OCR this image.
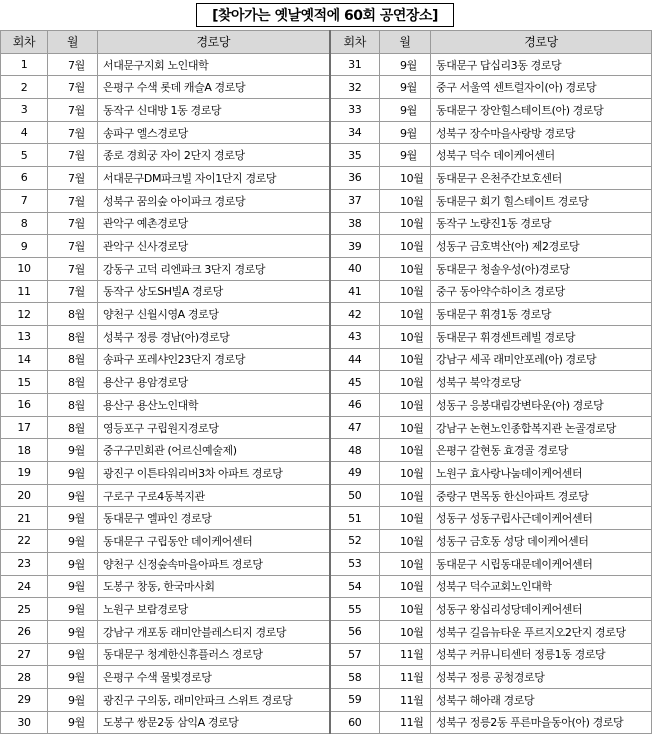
[찾아가는 옛날옛적에 60회 공연장소]
회차	월	경로당	회차	월	경로당
1	7월	서대문구지회 노인대학	31	9월	동대문구 답십리3동 경로당
2	7월	은평구 수색 롯데 캐슬A 경로당	32	9월	중구 서울역 센트럴자이(아) 경로당
3	7월	동작구 신대방 1동 경로당	33	9월	동대문구 장안힐스테이트(아) 경로당
4	7월	송파구 엘스경로당	34	9월	성북구 장수마을사랑방 경로당
5	7월	종로 경희궁 자이 2단지 경로당	35	9월	성북구 덕수 데이케어센터
6	7월	서대문구DM파크빌 자이1단지 경로당	36	10월	동대문구 은천주간보호센터
7	7월	성북구 꿈의숲 아이파크 경로당	37	10월	동대문구 회기 힐스테이트 경로당
8	7월	관악구 예촌경로당	38	10월	동작구 노량진1동 경로당
9	7월	관악구 신사경로당	39	10월	성동구 금호벽산(아) 제2경로당
10	7월	강동구 고덕 리엔파크 3단지 경로당	40	10월	동대문구 청솔우성(아)경로당
11	7월	동작구 상도SH빌A 경로당	41	10월	중구 동아약수하이츠 경로당
12	8월	양천구 신월시영A 경로당	42	10월	동대문구 휘경1동 경로당
13	8월	성북구 정릉 경남(아)경로당	43	10월	동대문구 휘경센트레빌 경로당
14	8월	송파구 포레샤인23단지 경로당	44	10월	강남구 세곡 래미안포레(아) 경로당
15	8월	용산구 용암경로당	45	10월	성북구 북악경로당
16	8월	용산구 용산노인대학	46	10월	성동구 응봉대림강변타운(아) 경로당
17	8월	영등포구 구립원지경로당	47	10월	강남구 논현노인종합복지관 논골경로당
18	9월	중구구민회관 (어르신예술제)	48	10월	은평구 갈현동 효경골 경로당
19	9월	광진구 이튼타워리버3차 아파트 경로당	49	10월	노원구 효사랑나눔데이케어센터
20	9월	구로구 구로4동복지관	50	10월	중랑구 면목동 한신아파트 경로당
21	9월	동대문구 엘파인 경로당	51	10월	성동구 성동구립사근데이케어센터
22	9월	동대문구 구립동안 데이케어센터	52	10월	성동구 금호동 성당 데이케어센터
23	9월	양천구 신정숲속마을아파트 경로당	53	10월	동대문구 시립동대문데이케어센터
24	9월	도봉구 창동, 한국마사회	54	10월	성북구 덕수교회노인대학
25	9월	노원구 보람경로당	55	10월	성동구 왕십리성당데이케어센터
26	9월	강남구 개포동 래미안블레스티지 경로당	56	10월	성북구 길음뉴타운 푸르지오2단지 경로당
27	9월	동대문구 청계한신휴플러스 경로당	57	11월	성북구 커뮤니티센터 정릉1동 경로당
28	9월	은평구 수색 물빛경로당	58	11월	성북구 정릉 공청경로당
29	9월	광진구 구의동, 래미안파크 스위트 경로당	59	11월	성북구 해아래 경로당
30	9월	도봉구 쌍문2동 삼익A 경로당	60	11월	성북구 정릉2동 푸른마을동아(아) 경로당
